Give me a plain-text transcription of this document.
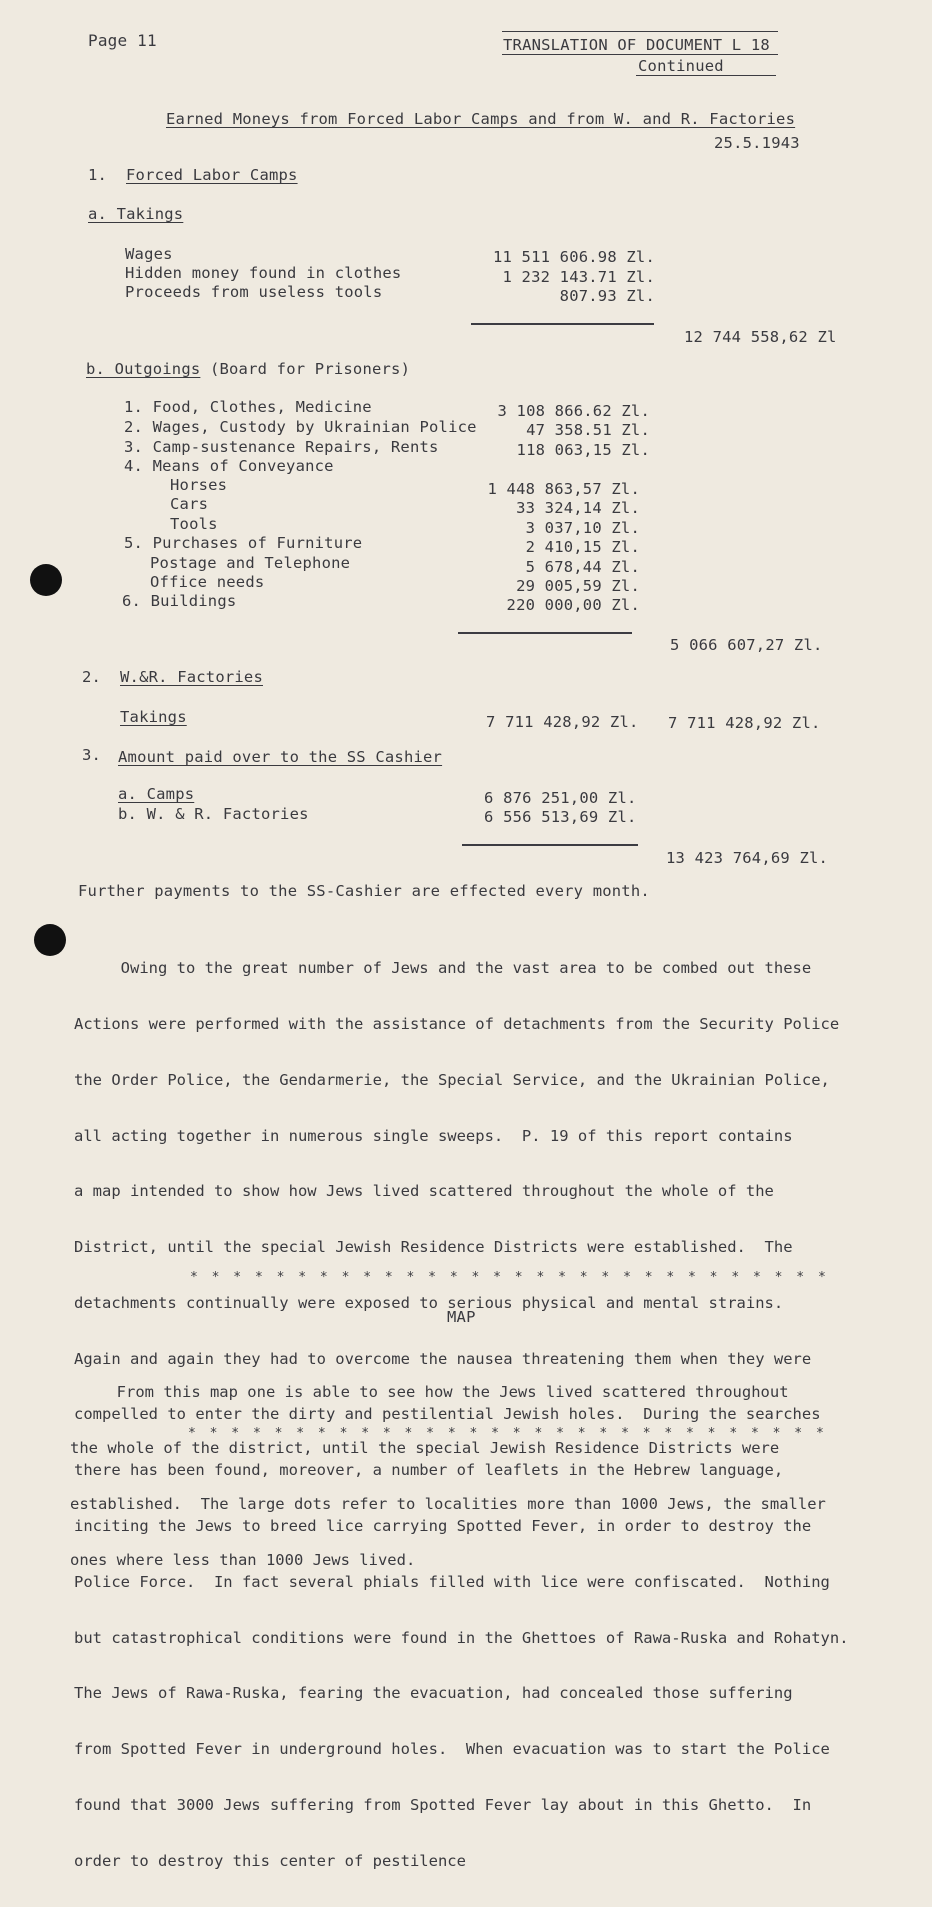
Page 11	TRANSLATION OF DOCUMENT L 18
Continued
Earned Moneys from Forced Labor Camps and from W. and R. Factories
25.5.1943
1. Forced Labor Camps
a. Takings
Wages	11 511 606.98 Zl.
Hidden money found in clothes	1 232 143.71 Zl.
Proceeds from useless tools	807.93 Zl.
12 744 558,62 Zl
b. Outgoings (Board for Prisoners)
1. Food, Clothes, Medicine	3 108 866.62 Zl.
2. Wages, Custody by Ukrainian Police	47 358.51 Zl.
3. Camp-sustenance Repairs, Rents	118 063,15 Zl.
4. Means of Conveyance
Horses	1 448 863,57 Zl.
Cars	33 324,14 Zl.
Tools	3 037,10 Zl.
5. Purchases of Furniture	2 410,15 Zl.
Postage and Telephone	5 678,44 Zl.
Office needs	29 005,59 Zl.
6. Buildings	220 000,00 Zl.
5 066 607,27 Zl.
2. W.&R. Factories
Takings	7 711 428,92 Zl. 7 711 428,92 Zl.
3. Amount paid over to the SS Cashier
a. Camps	6 876 251,00 Zl.
b. W. & R. Factories	6 556 513,69 Zl.
13 423 764,69 Zl.
Further payments to the SS-Cashier are effected every month.

Owing to the great number of Jews and the vast area to be combed out these

Actions were performed with the assistance of detachments from the Security Police

the Order Police, the Gendarmerie, the Special Service, and the Ukrainian Police,

all acting together in numerous single sweeps.  P. 19 of this report contains

a map intended to show how Jews lived scattered throughout the whole of the

District, until the special Jewish Residence Districts were established.  The

detachments continually were exposed to serious physical and mental strains.

Again and again they had to overcome the nausea threatening them when they were

compelled to enter the dirty and pestilential Jewish holes.  During the searches

there has been found, moreover, a number of leaflets in the Hebrew language,

inciting the Jews to breed lice carrying Spotted Fever, in order to destroy the

Police Force.  In fact several phials filled with lice were confiscated.  Nothing

but catastrophical conditions were found in the Ghettoes of Rawa-Ruska and Rohatyn.

The Jews of Rawa-Ruska, fearing the evacuation, had concealed those suffering

from Spotted Fever in underground holes.  When evacuation was to start the Police

found that 3000 Jews suffering from Spotted Fever lay about in this Ghetto.  In

order to destroy this center of pestilence

* * * * * * * * * * * * * * * * * * * * * * * * * * * * * *
MAP

From this map one is able to see how the Jews lived scattered throughout

the whole of the district, until the special Jewish Residence Districts were

established.  The large dots refer to localities more than 1000 Jews, the smaller

ones where less than 1000 Jews lived.

* * * * * * * * * * * * * * * * * * * * * * * * * * * * * *
